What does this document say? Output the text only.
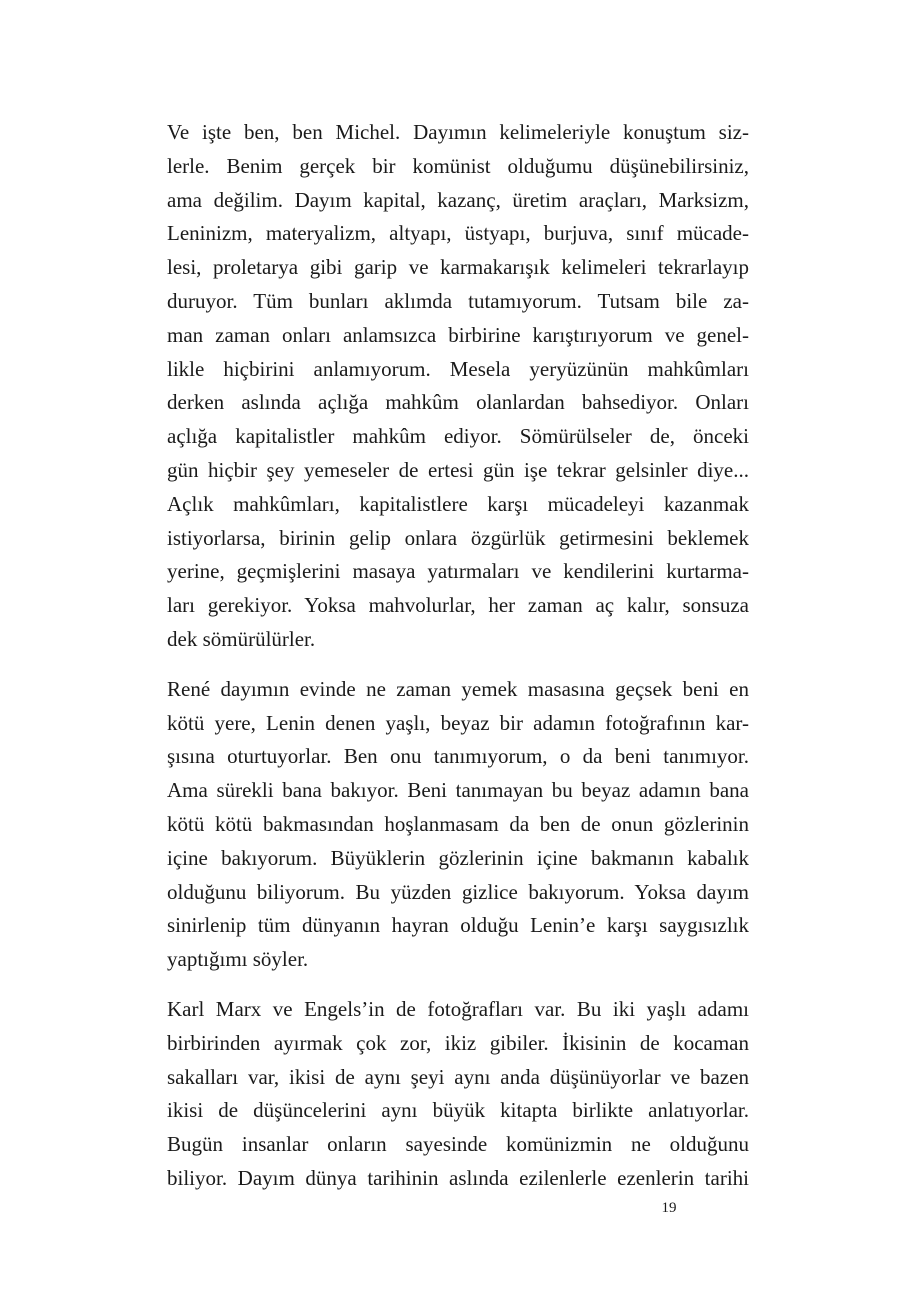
Ve işte ben, ben Michel. Dayımın kelimeleriyle konuştum siz-
lerle. Benim gerçek bir komünist olduğumu düşünebilirsiniz,
ama değilim. Dayım kapital, kazanç, üretim araçları, Marksizm,
Leninizm, materyalizm, altyapı, üstyapı, burjuva, sınıf mücade-
lesi, proletarya gibi garip ve karmakarışık kelimeleri tekrarlayıp
duruyor. Tüm bunları aklımda tutamıyorum. Tutsam bile za-
man zaman onları anlamsızca birbirine karıştırıyorum ve genel-
likle hiçbirini anlamıyorum. Mesela yeryüzünün mahkûmları
derken aslında açlığa mahkûm olanlardan bahsediyor. Onları
açlığa kapitalistler mahkûm ediyor. Sömürülseler de, önceki
gün hiçbir şey yemeseler de ertesi gün işe tekrar gelsinler diye...
Açlık mahkûmları, kapitalistlere karşı mücadeleyi kazanmak
istiyorlarsa, birinin gelip onlara özgürlük getirmesini beklemek
yerine, geçmişlerini masaya yatırmaları ve kendilerini kurtarma-
ları gerekiyor. Yoksa mahvolurlar, her zaman aç kalır, sonsuza
dek sömürülürler.
René dayımın evinde ne zaman yemek masasına geçsek beni en
kötü yere, Lenin denen yaşlı, beyaz bir adamın fotoğrafının kar-
şısına oturtuyorlar. Ben onu tanımıyorum, o da beni tanımıyor.
Ama sürekli bana bakıyor. Beni tanımayan bu beyaz adamın bana
kötü kötü bakmasından hoşlanmasam da ben de onun gözlerinin
içine bakıyorum. Büyüklerin gözlerinin içine bakmanın kabalık
olduğunu biliyorum. Bu yüzden gizlice bakıyorum. Yoksa dayım
sinirlenip tüm dünyanın hayran olduğu Lenin’e karşı saygısızlık
yaptığımı söyler.
Karl Marx ve Engels’in de fotoğrafları var. Bu iki yaşlı adamı
birbirinden ayırmak çok zor, ikiz gibiler. İkisinin de kocaman
sakalları var, ikisi de aynı şeyi aynı anda düşünüyorlar ve bazen
ikisi de düşüncelerini aynı büyük kitapta birlikte anlatıyorlar.
Bugün insanlar onların sayesinde komünizmin ne olduğunu
biliyor. Dayım dünya tarihinin aslında ezilenlerle ezenlerin tarihi
19
